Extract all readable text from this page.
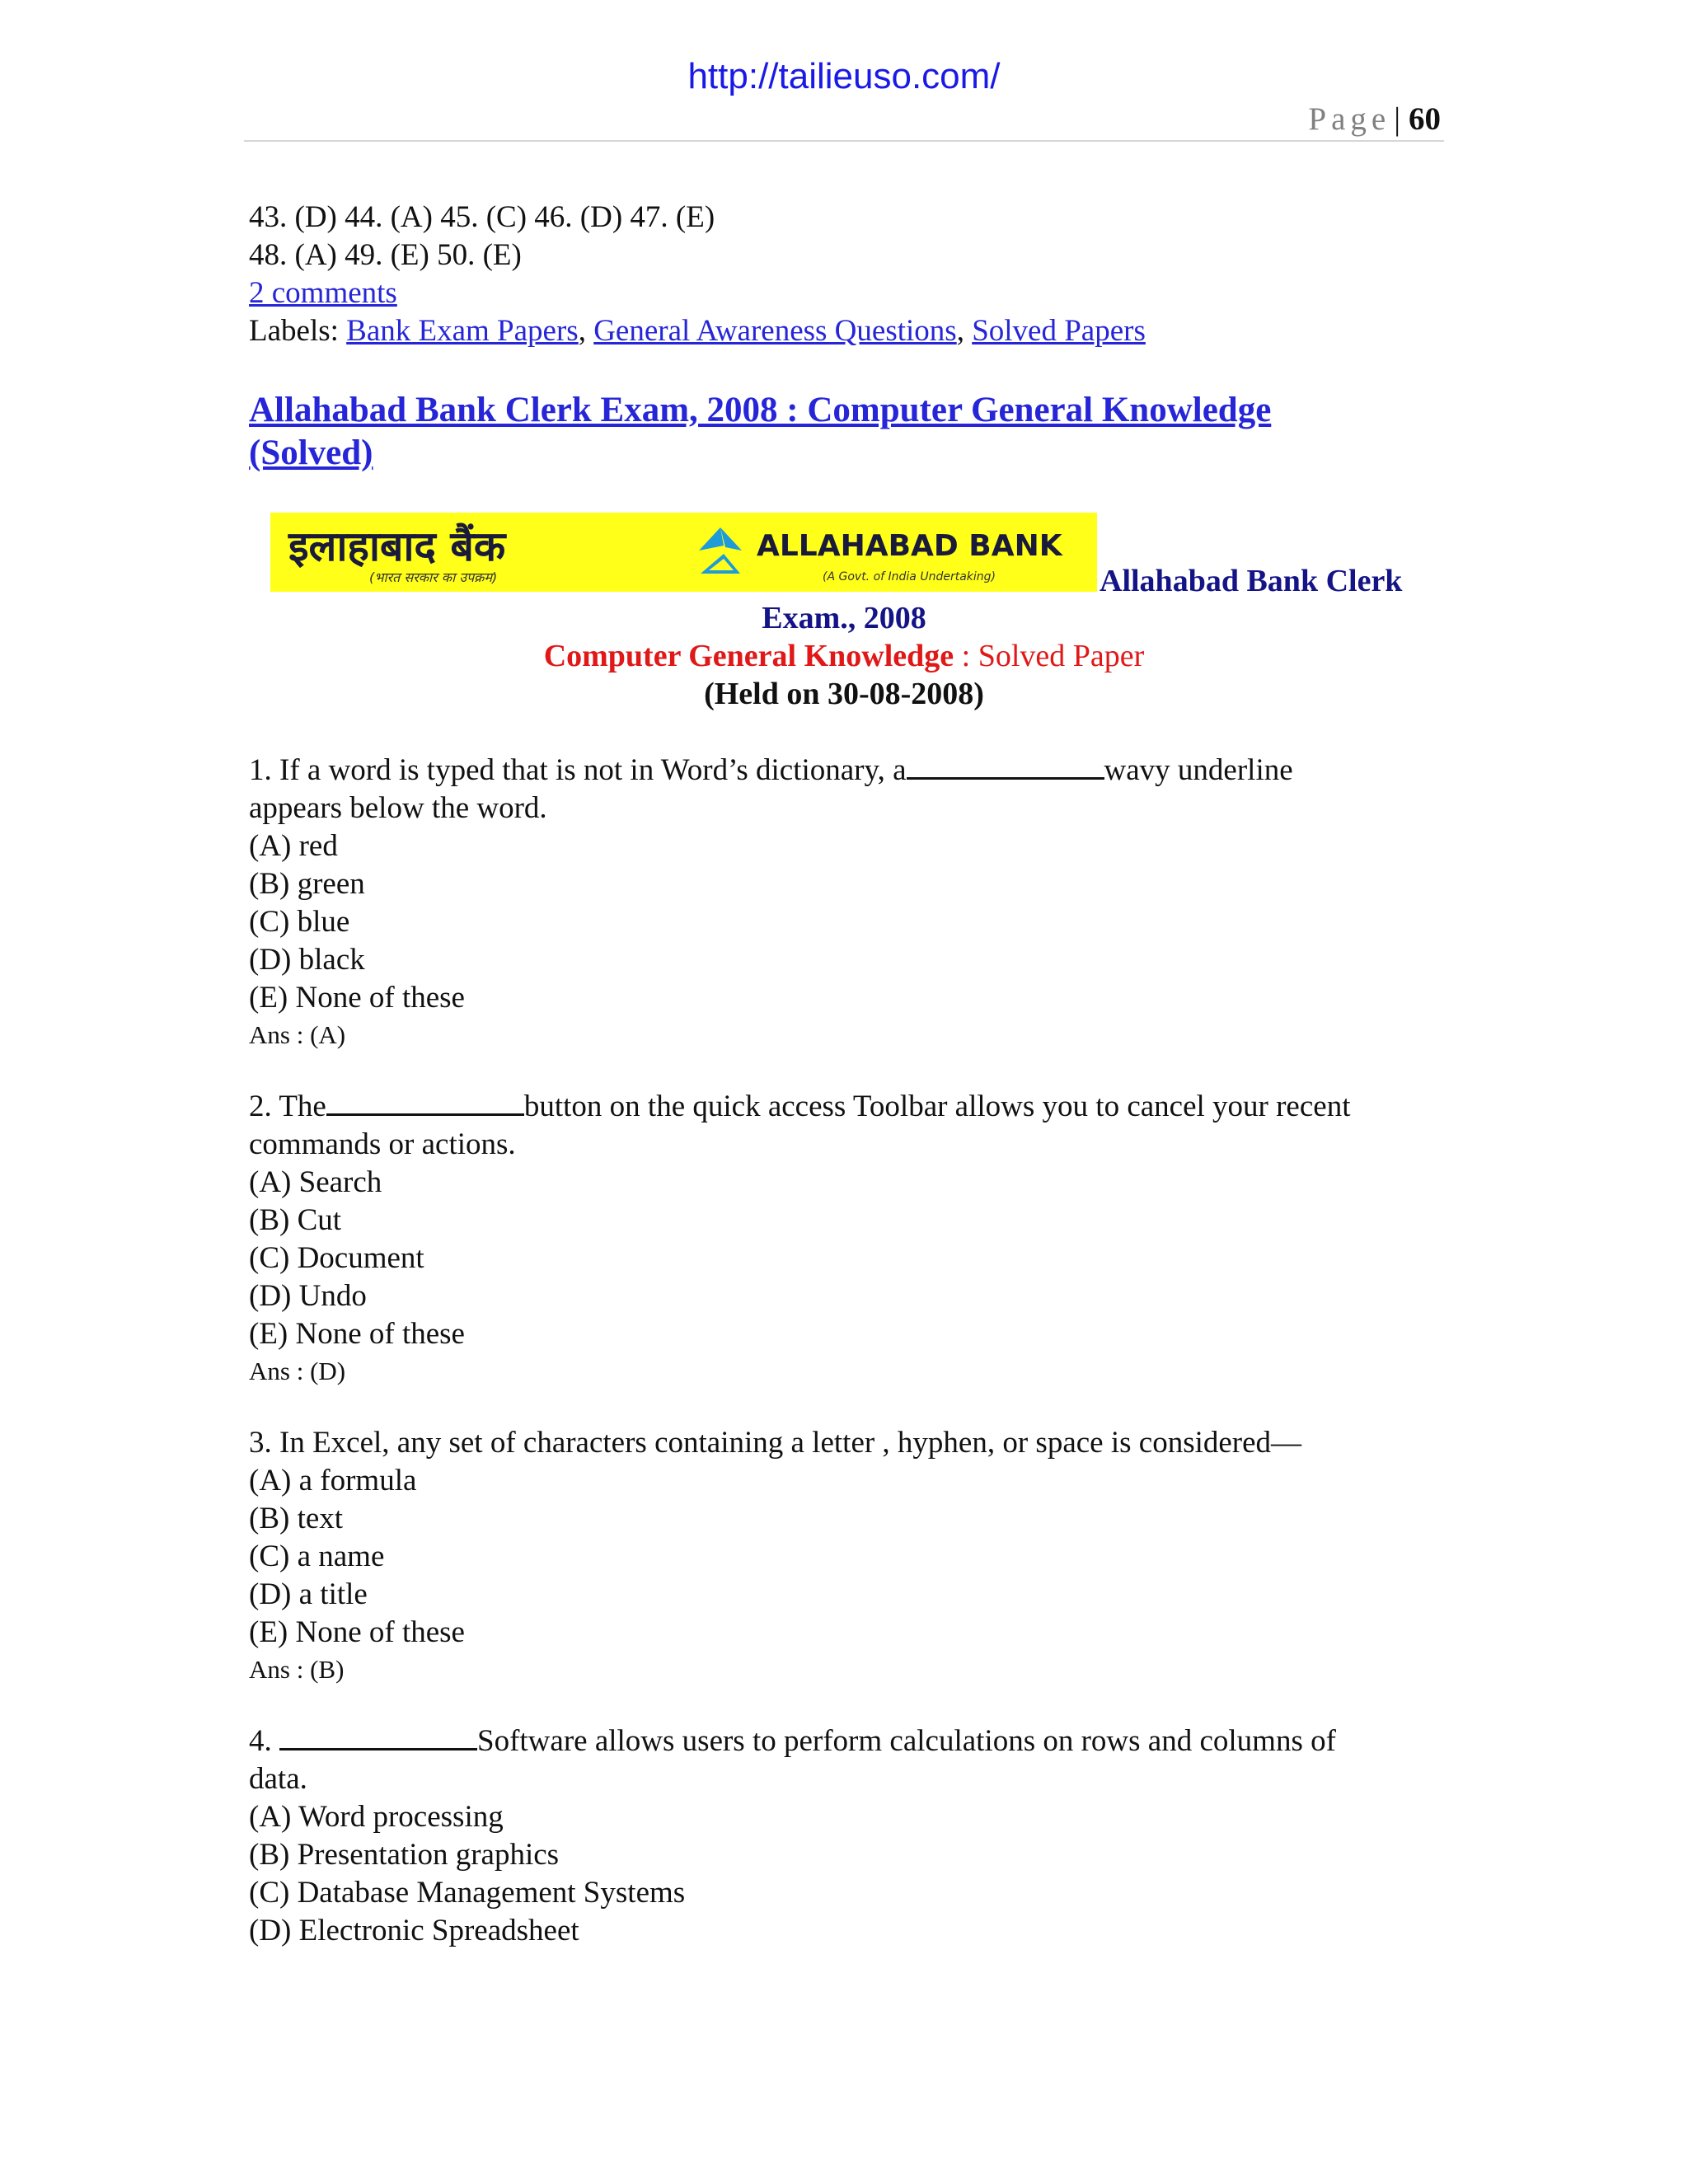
http://tailieuso.com/
Page | 60
43. (D) 44. (A) 45. (C) 46. (D) 47. (E)
48. (A) 49. (E) 50. (E)
2 comments
Labels: Bank Exam Papers, General Awareness Questions, Solved Papers
Allahabad Bank Clerk Exam, 2008 : Computer General Knowledge
(Solved)
इलाहाबाद बैंक
(भारत सरकार का उपक्रम)
ALLAHABAD BANK
(A Govt. of India Undertaking)	Allahabad Bank Clerk
Exam., 2008
Computer General Knowledge : Solved Paper
(Held on 30-08-2008)
1. If a word is typed that is not in Word’s dictionary, a	wavy underline
appears below the word.
(A) red
(B) green
(C) blue
(D) black
(E) None of these
Ans : (A)
2. The	button on the quick access Toolbar allows you to cancel your recent
commands or actions.
(A) Search
(B) Cut
(C) Document
(D) Undo
(E) None of these
Ans : (D)
3. In Excel, any set of characters containing a letter , hyphen, or space is considered—
(A) a formula
(B) text
(C) a name
(D) a title
(E) None of these
Ans : (B)
4.	Software allows users to perform calculations on rows and columns of
data.
(A) Word processing
(B) Presentation graphics
(C) Database Management Systems
(D) Electronic Spreadsheet
